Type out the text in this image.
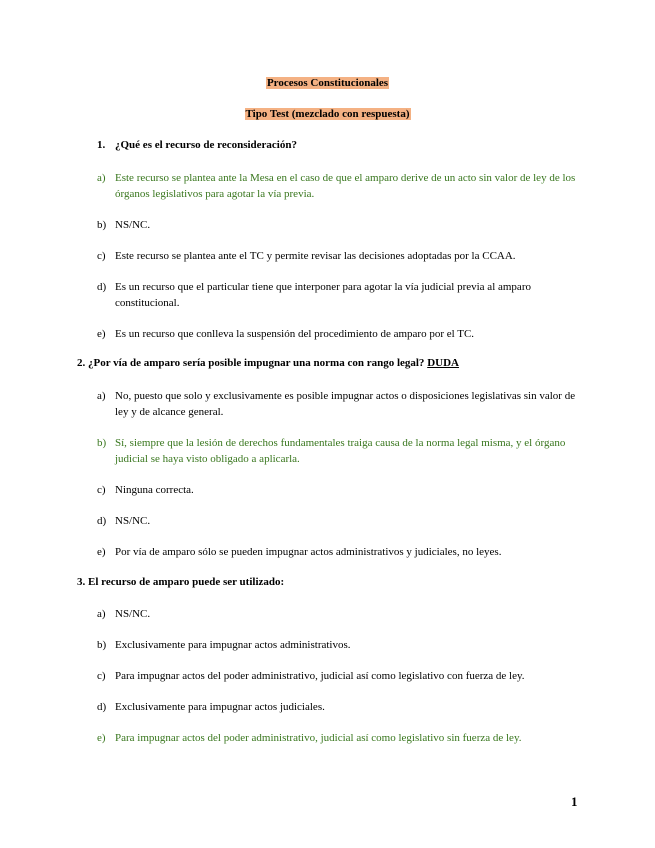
Procesos Constitucionales
Tipo Test (mezclado con respuesta)
1. ¿Qué es el recurso de reconsideración?
a) Este recurso se plantea ante la Mesa en el caso de que el amparo derive de un acto sin valor de ley de los órganos legislativos para agotar la vía previa.
b) NS/NC.
c) Este recurso se plantea ante el TC y permite revisar las decisiones adoptadas por la CCAA.
d) Es un recurso que el particular tiene que interponer para agotar la vía judicial previa al amparo constitucional.
e) Es un recurso que conlleva la suspensión del procedimiento de amparo por el TC.
2. ¿Por vía de amparo sería posible impugnar una norma con rango legal? DUDA
a) No, puesto que solo y exclusivamente es posible impugnar actos o disposiciones legislativas sin valor de ley y de alcance general.
b) Sí, siempre que la lesión de derechos fundamentales traiga causa de la norma legal misma, y el órgano judicial se haya visto obligado a aplicarla.
c) Ninguna correcta.
d) NS/NC.
e) Por vía de amparo sólo se pueden impugnar actos administrativos y judiciales, no leyes.
3. El recurso de amparo puede ser utilizado:
a) NS/NC.
b) Exclusivamente para impugnar actos administrativos.
c) Para impugnar actos del poder administrativo, judicial así como legislativo con fuerza de ley.
d) Exclusivamente para impugnar actos judiciales.
e) Para impugnar actos del poder administrativo, judicial así como legislativo sin fuerza de ley.
1
